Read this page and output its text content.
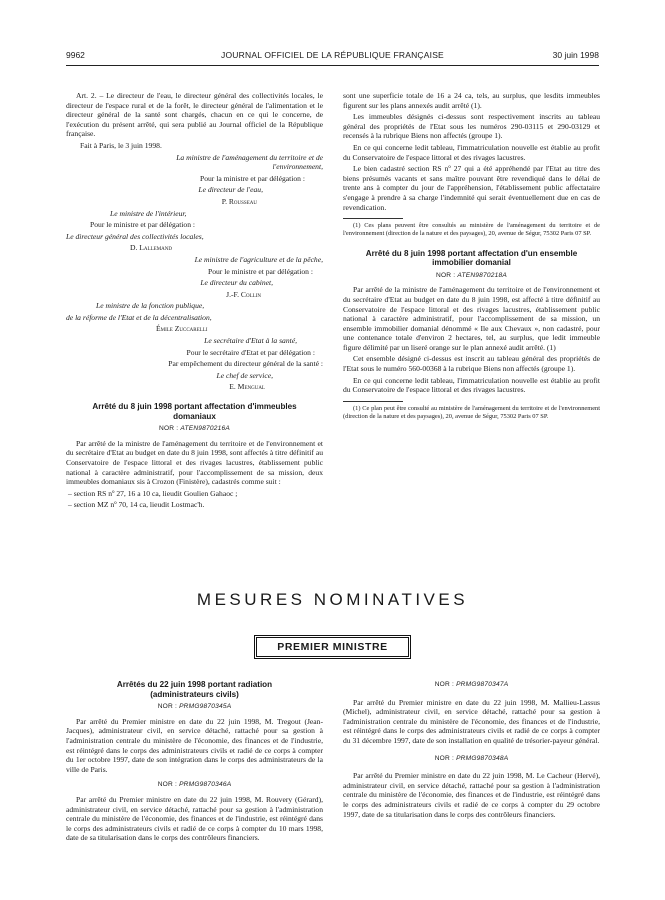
9962	JOURNAL OFFICIEL DE LA RÉPUBLIQUE FRANÇAISE	30 juin 1998

Art. 2. – Le directeur de l'eau, le directeur général des collectivités locales, le directeur de l'espace rural et de la forêt, le directeur général de l'alimentation et le directeur général de la santé sont chargés, chacun en ce qui le concerne, de l'exécution du présent arrêté, qui sera publié au Journal officiel de la République française.

Fait à Paris, le 3 juin 1998.

La ministre de l'aménagement du territoire et de l'environnement,

Pour la ministre et par délégation :

Le directeur de l'eau,

P. Rousseau

Le ministre de l'intérieur,

Pour le ministre et par délégation :

Le directeur général des collectivités locales,

D. Lallemand

Le ministre de l'agriculture et de la pêche,

Pour le ministre et par délégation :

Le directeur du cabinet,

J.-F. Collin

Le ministre de la fonction publique,

de la réforme de l'Etat et de la décentralisation,

Émile Zuccarelli

Le secrétaire d'Etat à la santé,

Pour le secrétaire d'Etat et par délégation :

Par empêchement du directeur général de la santé :

Le chef de service,

E. Mengual

Arrêté du 8 juin 1998 portant affectation d'immeubles domaniaux
NOR : ATEN9870216A

Par arrêté de la ministre de l'aménagement du territoire et de l'environnement et du secrétaire d'Etat au budget en date du 8 juin 1998, sont affectés à titre définitif au Conservatoire de l'espace littoral et des rivages lacustres, établissement public national à caractère administratif, pour l'accomplissement de sa mission, deux immeubles domaniaux sis à Crozon (Finistère), cadastrés comme suit :

– section RS nº 27, 16 a 10 ca, lieudit Goulien Gahaoc ;

– section MZ nº 70, 14 ca, lieudit Lostmac'h.

sont une superficie totale de 16 a 24 ca, tels, au surplus, que lesdits immeubles figurent sur les plans annexés audit arrêté (1).

Les immeubles désignés ci-dessus sont respectivement inscrits au tableau général des propriétés de l'Etat sous les numéros 290-03115 et 290-03129 et recensés à la rubrique Biens non affectés (groupe 1).

En ce qui concerne ledit tableau, l'immatriculation nouvelle est établie au profit du Conservatoire de l'espace littoral et des rivages lacustres.

Le bien cadastré section RS nº 27 qui a été appréhendé par l'Etat au titre des biens présumés vacants et sans maître pouvant être revendiqué dans le délai de trente ans à compter du jour de l'appréhension, l'établissement public affectataire s'engage à prendre à sa charge l'indemnité qui serait éventuellement due en cas de revendication.

(1) Ces plans peuvent être consultés au ministère de l'aménagement du territoire et de l'environnement (direction de la nature et des paysages), 20, avenue de Ségur, 75302 Paris 07 SP.
Arrêté du 8 juin 1998 portant affectation d'un ensemble immobilier domanial
NOR : ATEN9870218A

Par arrêté de la ministre de l'aménagement du territoire et de l'environnement et du secrétaire d'Etat au budget en date du 8 juin 1998, est affecté à titre définitif au Conservatoire de l'espace littoral et des rivages lacustres, établissement public national à caractère administratif, pour l'accomplissement de sa mission, un ensemble immobilier domanial dénommé « Ile aux Chevaux », non cadastré, pour une contenance totale d'environ 2 hectares, tel, au surplus, que ledit immeuble figure délimité par un liseré orange sur le plan annexé audit arrêté. (1)

Cet ensemble désigné ci-dessus est inscrit au tableau général des propriétés de l'Etat sous le numéro 560-00368 à la rubrique Biens non affectés (groupe 1).

En ce qui concerne ledit tableau, l'immatriculation nouvelle est établie au profit du Conservatoire de l'espace littoral et des rivages lacustres.

(1) Ce plan peut être consulté au ministère de l'aménagement du territoire et de l'environnement (direction de la nature et des paysages), 20, avenue de Ségur, 75302 Paris 07 SP.
MESURES NOMINATIVES
PREMIER MINISTRE
Arrêtés du 22 juin 1998 portant radiation (administrateurs civils)
NOR : PRMG9870345A

Par arrêté du Premier ministre en date du 22 juin 1998, M. Tregout (Jean-Jacques), administrateur civil, en service détaché, rattaché pour sa gestion à l'administration centrale du ministère de l'économie, des finances et de l'industrie, est réintégré dans le corps des administrateurs civils et radié de ce corps à compter du 1er octobre 1997, date de son intégration dans le corps des administrateurs de la ville de Paris.

NOR : PRMG9870346A

Par arrêté du Premier ministre en date du 22 juin 1998, M. Rouvery (Gérard), administrateur civil, en service détaché, rattaché pour sa gestion à l'administration centrale du ministère de l'économie, des finances et de l'industrie, est réintégré dans le corps des administrateurs civils et radié de ce corps à compter du 10 mars 1998, date de sa titularisation dans le corps des contrôleurs financiers.

NOR : PRMG9870347A

Par arrêté du Premier ministre en date du 22 juin 1998, M. Mallieu-Lassus (Michel), administrateur civil, en service détaché, rattaché pour sa gestion à l'administration centrale du ministère de l'économie, des finances et de l'industrie, est réintégré dans le corps des administrateurs civils et radié de ce corps à compter du 31 décembre 1997, date de son installation en qualité de trésorier-payeur général.

NOR : PRMG9870348A

Par arrêté du Premier ministre en date du 22 juin 1998, M. Le Cacheur (Hervé), administrateur civil, en service détaché, rattaché pour sa gestion à l'administration centrale du ministère de l'économie, des finances et de l'industrie, est réintégré dans le corps des administrateurs civils et radié de ce corps à compter du 29 octobre 1997, date de sa titularisation dans le corps des contrôleurs financiers.
